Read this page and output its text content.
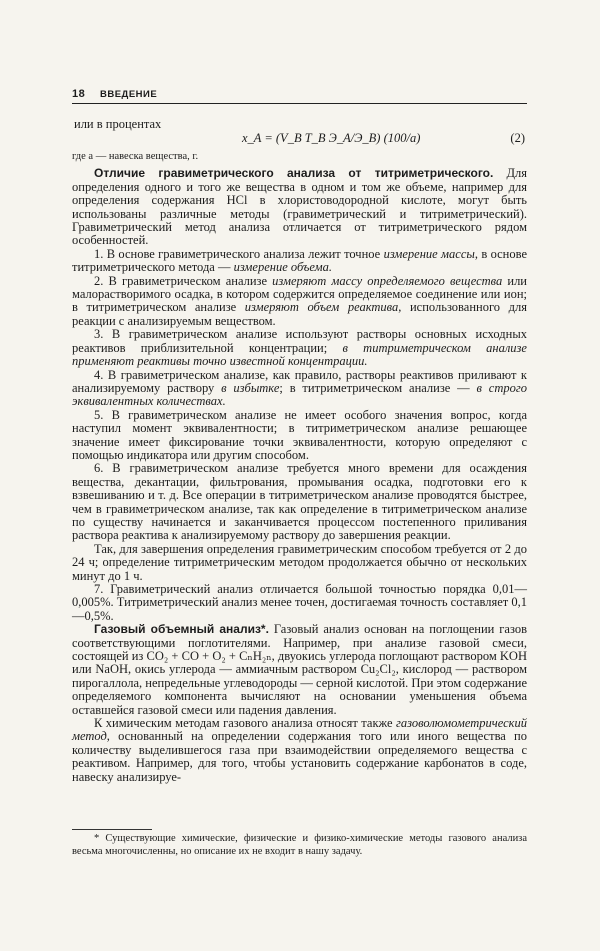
18 ВВЕДЕНИЕ
или в процентах
x_A = (V_B T_B Э_A/Э_B) (100/a)	(2)
где a — навеска вещества, г.

Отличие гравиметрического анализа от титриметрического. Для определения одного и того же вещества в одном и том же объеме, например для определения содержания HCl в хлористоводородной кислоте, могут быть использованы различные методы (гравиметрический и титриметрический). Гравиметрический метод анализа отличается от титриметрического рядом особенностей.

1. В основе гравиметрического анализа лежит точное измерение массы, в основе титриметрического метода — измерение объема.

2. В гравиметрическом анализе измеряют массу определяемого вещества или малорастворимого осадка, в котором содержится определяемое соединение или ион; в титриметрическом анализе измеряют объем реактива, использованного для реакции с анализируемым веществом.

3. В гравиметрическом анализе используют растворы основных исходных реактивов приблизительной концентрации; в титриметрическом анализе применяют реактивы точно известной концентрации.

4. В гравиметрическом анализе, как правило, растворы реактивов приливают к анализируемому раствору в избытке; в титриметрическом анализе — в строго эквивалентных количествах.

5. В гравиметрическом анализе не имеет особого значения вопрос, когда наступил момент эквивалентности; в титриметрическом анализе решающее значение имеет фиксирование точки эквивалентности, которую определяют с помощью индикатора или другим способом.

6. В гравиметрическом анализе требуется много времени для осаждения вещества, декантации, фильтрования, промывания осадка, подготовки его к взвешиванию и т. д. Все операции в титриметрическом анализе проводятся быстрее, чем в гравиметрическом анализе, так как определение в титриметрическом анализе по существу начинается и заканчивается процессом постепенного приливания раствора реактива к анализируемому раствору до завершения реакции.

Так, для завершения определения гравиметрическим способом требуется от 2 до 24 ч; определение титриметрическим методом продолжается обычно от нескольких минут до 1 ч.

7. Гравиметрический анализ отличается большой точностью порядка 0,01—0,005%. Титриметрический анализ менее точен, достигаемая точность составляет 0,1—0,5%.

Газовый объемный анализ*. Газовый анализ основан на поглощении газов соответствующими поглотителями. Например, при анализе газовой смеси, состоящей из CO₂ + CO + O₂ + CₙH₂ₙ, двуокись углерода поглощают раствором KOH или NaOH, окись углерода — аммиачным раствором Cu₂Cl₂, кислород — раствором пирогаллола, непредельные углеводороды — серной кислотой. При этом содержание определяемого компонента вычисляют на основании уменьшения объема оставшейся газовой смеси или падения давления.

К химическим методам газового анализа относят также газоволюмометрический метод, основанный на определении содержания того или иного вещества по количеству выделившегося газа при взаимодействии определяемого вещества с реактивом. Например, для того, чтобы установить содержание карбонатов в соде, навеску анализируе-

* Существующие химические, физические и физико-химические методы газового анализа весьма многочисленны, но описание их не входит в нашу задачу.
